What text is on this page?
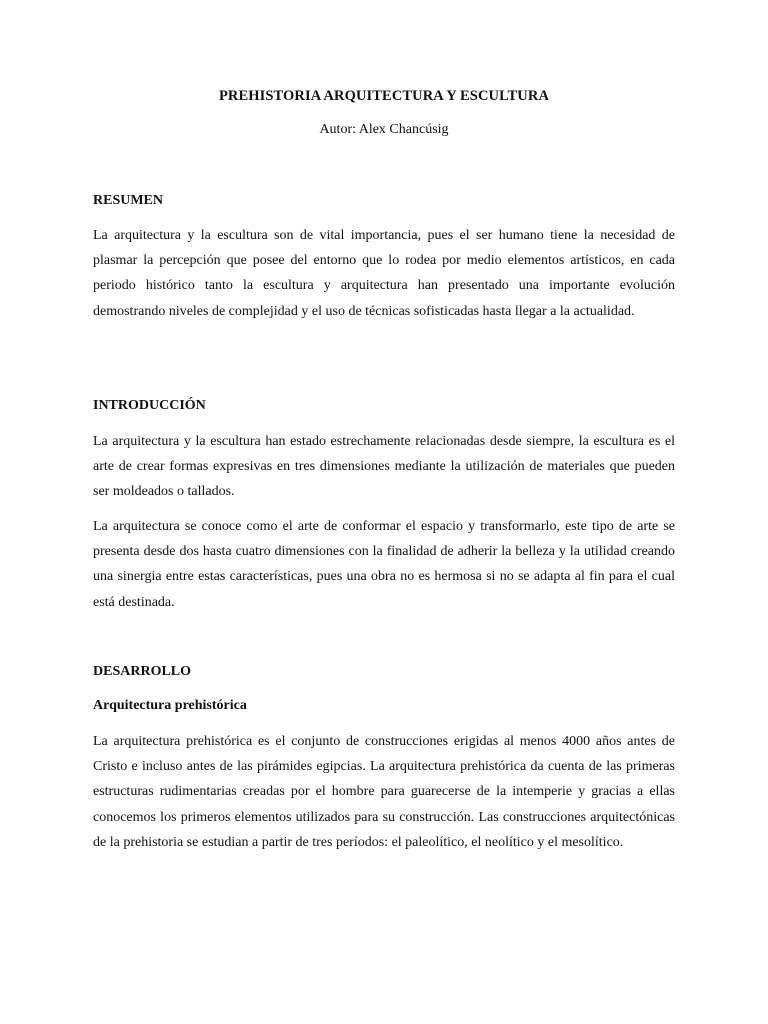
PREHISTORIA ARQUITECTURA Y ESCULTURA
Autor: Alex Chancúsig
RESUMEN

La arquitectura y la escultura son de vital importancia, pues el ser humano tiene la necesidad de plasmar la percepción que posee del entorno que lo rodea por medio elementos artísticos, en cada periodo histórico tanto la escultura y arquitectura han presentado una importante evolución demostrando niveles de complejidad y el uso de técnicas sofisticadas hasta llegar a la actualidad.

INTRODUCCIÓN

La arquitectura y la escultura han estado estrechamente relacionadas desde siempre, la escultura es el arte de crear formas expresivas en tres dimensiones mediante la utilización de materiales que pueden ser moldeados o tallados.

La arquitectura se conoce como el arte de conformar el espacio y transformarlo, este tipo de arte se presenta desde dos hasta cuatro dimensiones con la finalidad de adherir la belleza y la utilidad creando una sinergia entre estas características, pues una obra no es hermosa si no se adapta al fin para el cual está destinada.

DESARROLLO
Arquitectura prehistórica

La arquitectura prehistórica es el conjunto de construcciones erigidas al menos 4000 años antes de Cristo e incluso antes de las pirámides egipcias. La arquitectura prehistórica da cuenta de las primeras estructuras rudimentarias creadas por el hombre para guarecerse de la intemperie y gracias a ellas conocemos los primeros elementos utilizados para su construcción. Las construcciones arquitectónicas de la prehistoria se estudian a partir de tres períodos: el paleolítico, el neolítico y el mesolítico.
